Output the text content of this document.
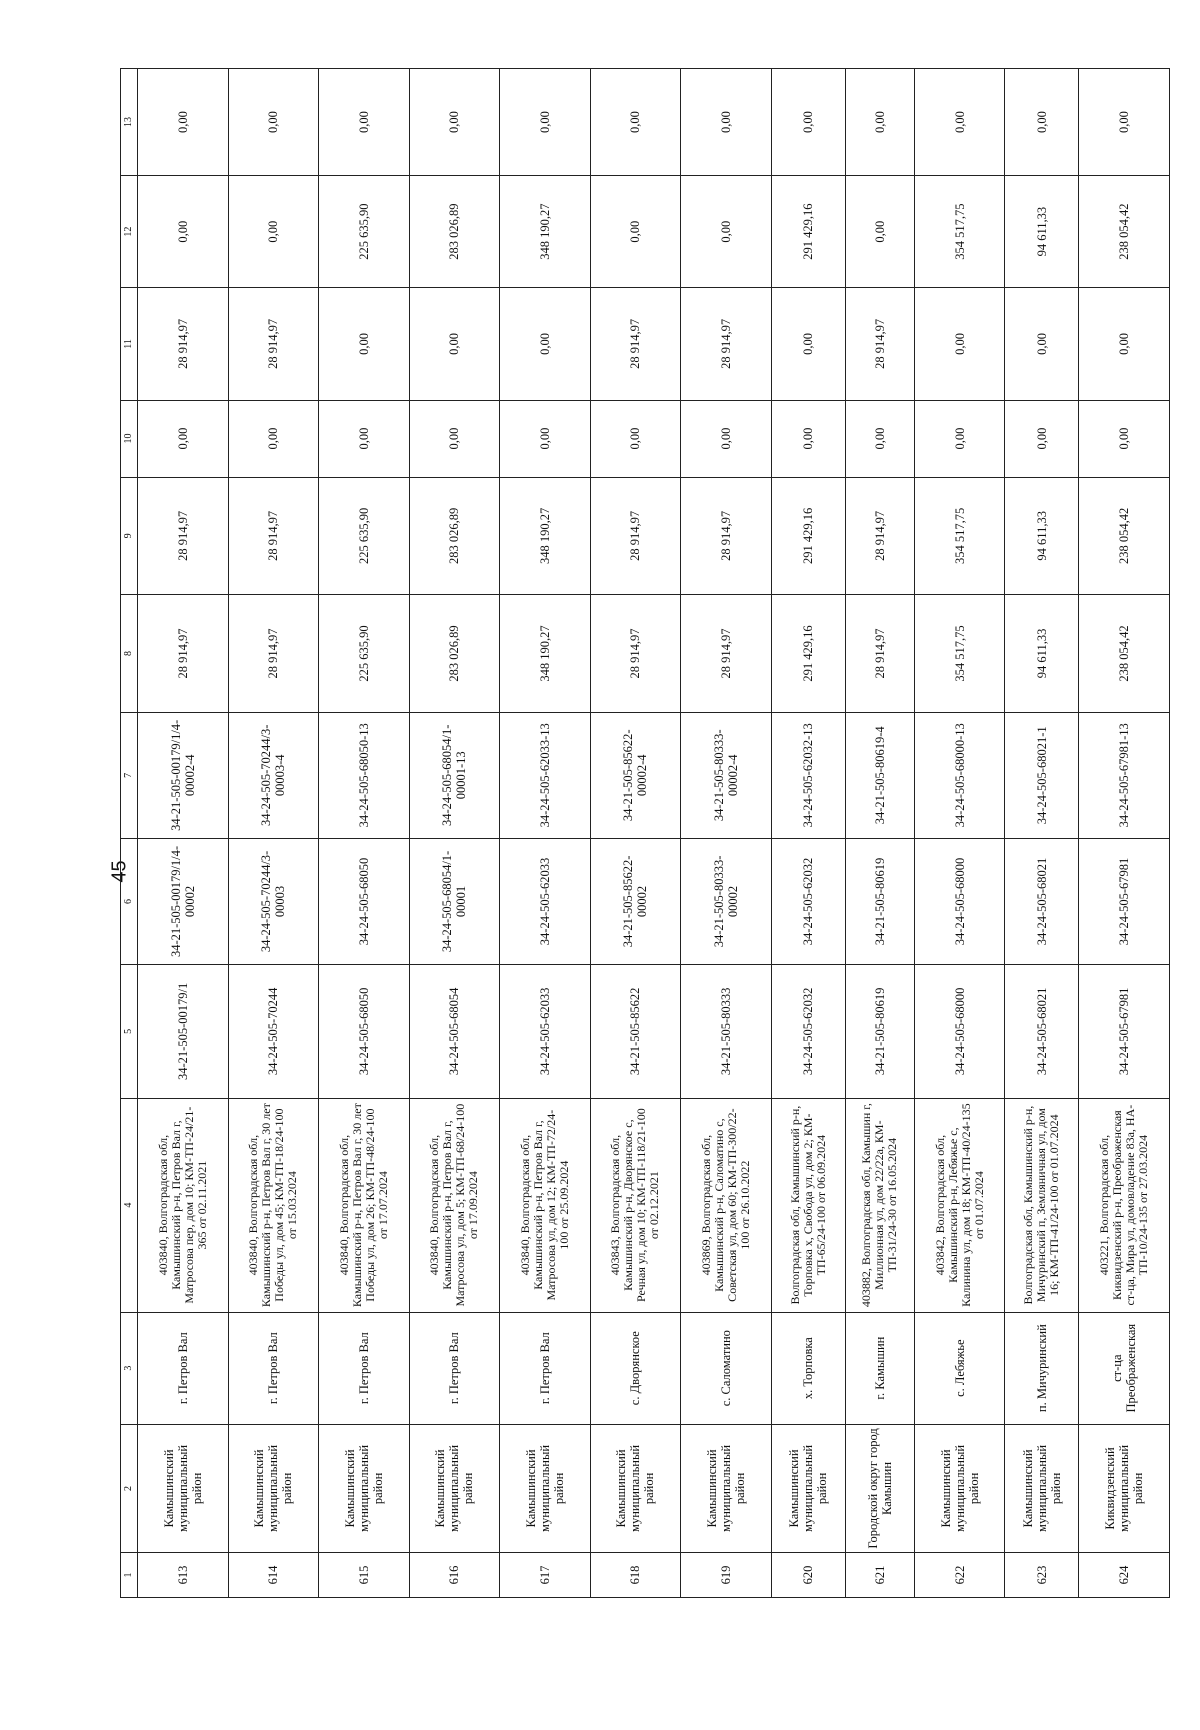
45
1	2	3	4	5	6	7	8	9	10	11	12	13
613	Камышинский муниципальный район	г. Петров Вал	403840, Волгоградская обл, Камышинский р-н, Петров Вал г, Матросова пер, дом 10; КМ-ТП-24/21-365 от 02.11.2021	34-21-505-00179/1	34-21-505-00179/1/4-00002	34-21-505-00179/1/4-00002-4	28 914,97	28 914,97	0,00	28 914,97	0,00	0,00
614	Камышинский муниципальный район	г. Петров Вал	403840, Волгоградская обл, Камышинский р-н, Петров Вал г, 30 лет Победы ул, дом 45; КМ-ТП-18/24-100 от 15.03.2024	34-24-505-70244	34-24-505-70244/3-00003	34-24-505-70244/3-00003-4	28 914,97	28 914,97	0,00	28 914,97	0,00	0,00
615	Камышинский муниципальный район	г. Петров Вал	403840, Волгоградская обл, Камышинский р-н, Петров Вал г, 30 лет Победы ул, дом 26; КМ-ТП-48/24-100 от 17.07.2024	34-24-505-68050	34-24-505-68050	34-24-505-68050-13	225 635,90	225 635,90	0,00	0,00	225 635,90	0,00
616	Камышинский муниципальный район	г. Петров Вал	403840, Волгоградская обл, Камышинский р-н, Петров Вал г, Матросова ул, дом 5; КМ-ТП-68/24-100 от 17.09.2024	34-24-505-68054	34-24-505-68054/1-00001	34-24-505-68054/1-00001-13	283 026,89	283 026,89	0,00	0,00	283 026,89	0,00
617	Камышинский муниципальный район	г. Петров Вал	403840, Волгоградская обл, Камышинский р-н, Петров Вал г, Матросова ул, дом 12; КМ-ТП-72/24-100 от 25.09.2024	34-24-505-62033	34-24-505-62033	34-24-505-62033-13	348 190,27	348 190,27	0,00	0,00	348 190,27	0,00
618	Камышинский муниципальный район	с. Дворянское	403843, Волгоградская обл, Камышинский р-н, Дворянское с, Речная ул, дом 10; КМ-ТП-118/21-100 от 02.12.2021	34-21-505-85622	34-21-505-85622-00002	34-21-505-85622-00002-4	28 914,97	28 914,97	0,00	28 914,97	0,00	0,00
619	Камышинский муниципальный район	с. Саломатино	403869, Волгоградская обл, Камышинский р-н, Саломатино с, Советская ул, дом 60; КМ-ТП-300/22-100 от 26.10.2022	34-21-505-80333	34-21-505-80333-00002	34-21-505-80333-00002-4	28 914,97	28 914,97	0,00	28 914,97	0,00	0,00
620	Камышинский муниципальный район	х. Торповка	Волгоградская обл, Камышинский р-н, Торповка х, Свобода ул, дом 2; КМ-ТП-65/24-100 от 06.09.2024	34-24-505-62032	34-24-505-62032	34-24-505-62032-13	291 429,16	291 429,16	0,00	0,00	291 429,16	0,00
621	Городской округ город Камышин	г. Камышин	403882, Волгоградская обл, Камышин г, Миллионная ул, дом 22/22а, КМ-ТП-31/24-30 от 16.05.2024	34-21-505-80619	34-21-505-80619	34-21-505-80619-4	28 914,97	28 914,97	0,00	28 914,97	0,00	0,00
622	Камышинский муниципальный район	с. Лебяжье	403842, Волгоградская обл, Камышинский р-н, Лебяжье с, Калинина ул, дом 18; КМ-ТП-40/24-135 от 01.07.2024	34-24-505-68000	34-24-505-68000	34-24-505-68000-13	354 517,75	354 517,75	0,00	0,00	354 517,75	0,00
623	Камышинский муниципальный район	п. Мичуринский	Волгоградская обл, Камышинский р-н, Мичуринский п, Земляничная ул, дом 16; КМ-ТП-41/24-100 от 01.07.2024	34-24-505-68021	34-24-505-68021	34-24-505-68021-1	94 611,33	94 611,33	0,00	0,00	94 611,33	0,00
624	Киквидзенский муниципальный район	ст-ца Преображенская	403221, Волгоградская обл, Киквидзенский р-н, Преображенская ст-ца, Мира ул, домовладение 83а, НА-ТП-10/24-135 от 27.03.2024	34-24-505-67981	34-24-505-67981	34-24-505-67981-13	238 054,42	238 054,42	0,00	0,00	238 054,42	0,00
